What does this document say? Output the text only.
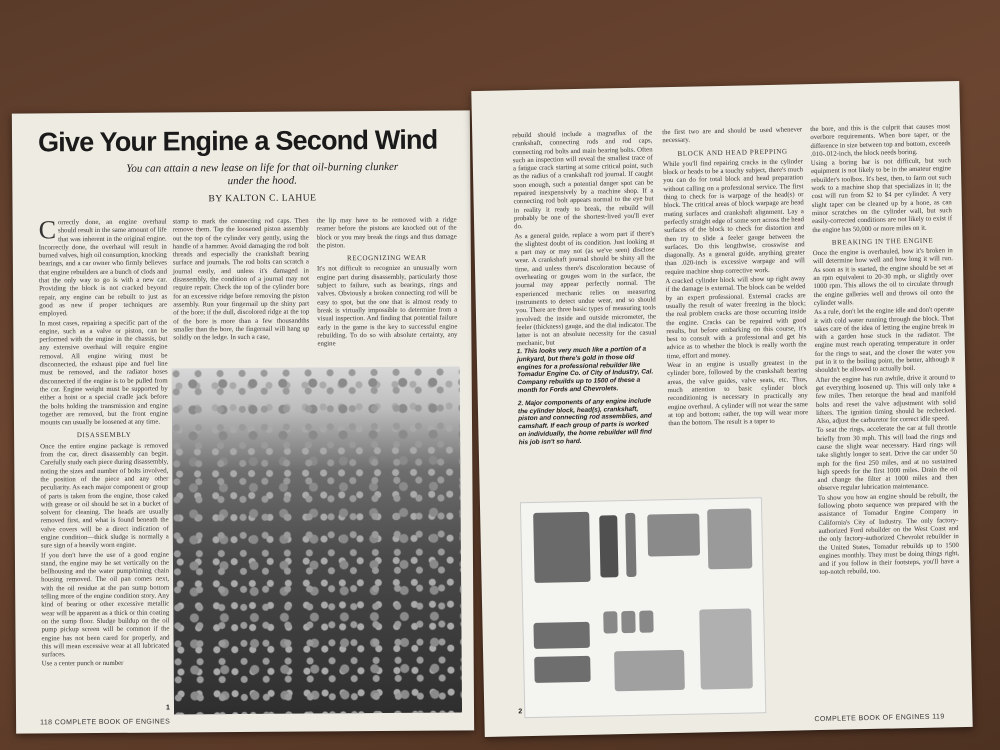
Give Your Engine a Second Wind
You can attain a new lease on life for that oil-burning clunker under the hood.
BY KALTON C. LAHUE

Correctly done, an engine overhaul should result in the same amount of life that was inherent in the original engine. Incorrectly done, the overhaul will result in burned valves, high oil consumption, knocking bearings, and a car owner who firmly believes that engine rebuilders are a bunch of clods and that the only way to go is with a new car. Providing the block is not cracked beyond repair, any engine can be rebuilt to just as good as new if proper techniques are employed.

In most cases, repairing a specific part of the engine, such as a valve or piston, can be performed with the engine in the chassis, but any extensive overhaul will require engine removal. All engine wiring must be disconnected, the exhaust pipe and fuel line must be removed, and the radiator hoses disconnected if the engine is to be pulled from the car. Engine weight must be supported by either a hoist or a special cradle jack before the bolts holding the transmission and engine together are removed, but the front engine mounts can usually be loosened at any time.

DISASSEMBLY

Once the entire engine package is removed from the car, direct disassembly can begin. Carefully study each piece during disassembly, noting the sizes and number of bolts involved, the position of the piece and any other peculiarity. As each major component or group of parts is taken from the engine, those caked with grease or oil should be set in a bucket of solvent for cleaning. The heads are usually removed first, and what is found beneath the valve covers will be a direct indication of engine condition—thick sludge is normally a sure sign of a heavily worn engine.

If you don't have the use of a good engine stand, the engine may be set vertically on the bellhousing and the water pump/timing chain housing removed. The oil pan comes next, with the oil residue at the pan sump bottom telling more of the engine condition story. Any kind of bearing or other excessive metallic wear will be apparent as a thick or thin coating on the sump floor. Sludge buildup on the oil pump pickup screen will be common if the engine has not been cared for properly, and this will mean excessive wear at all lubricated surfaces.

Use a center punch or number

stamp to mark the connecting rod caps. Then remove them. Tap the loosened piston assembly out the top of the cylinder very gently, using the handle of a hammer. Avoid damaging the rod bolt threads and especially the crankshaft bearing surface and journals. The rod bolts can scratch a journal easily, and unless it's damaged in disassembly, the condition of a journal may not require repair. Check the top of the cylinder bore for an excessive ridge before removing the piston assembly. Run your fingernail up the shiny part of the bore; if the dull, discolored ridge at the top of the bore is more than a few thousandths smaller than the bore, the fingernail will hang up solidly on the ledge. In such a case,

the lip may have to be removed with a ridge reamer before the pistons are knocked out of the block or you may break the rings and thus damage the piston.

RECOGNIZING WEAR

It's not difficult to recognize an unusually worn engine part during disassembly, particularly those subject to failure, such as bearings, rings and valves. Obviously a broken connecting rod will be easy to spot, but the one that is almost ready to break is virtually impossible to determine from a visual inspection. And finding that potential failure early in the game is the key to successful engine rebuilding. To do so with absolute certainty, any engine

1
118 COMPLETE BOOK OF ENGINES

rebuild should include a magnaflux of the crankshaft, connecting rods and rod caps, connecting rod bolts and main bearing bolts. Often such an inspection will reveal the smallest trace of a fatigue crack starting at some critical point, such as the radius of a crankshaft rod journal. If caught soon enough, such a potential danger spot can be repaired inexpensively by a machine shop. If a connecting rod bolt appears normal to the eye but in reality it ready to break, the rebuild will probably be one of the shortest-lived you'll ever do.

As a general guide, replace a worn part if there's the slightest doubt of its condition. Just looking at a part may or may not (as we've seen) disclose wear. A crankshaft journal should be shiny all the time, and unless there's discoloration because of overheating or gouges worn in the surface, the journal may appear perfectly normal. The experienced mechanic relies on measuring instruments to detect undue wear, and so should you. There are three basic types of measuring tools involved: the inside and outside micrometer, the feeler (thickness) gauge, and the dial indicator. The latter is not an absolute necessity for the casual mechanic, but

1. This looks very much like a portion of a junkyard, but there's gold in those old engines for a professional rebuilder like Tomadur Engine Co. of City of Industry, Cal. Company rebuilds up to 1500 of these a month for Fords and Chevrolets.

2. Major components of any engine include the cylinder block, head(s), crankshaft, piston and connecting rod assemblies, and camshaft. If each group of parts is worked on individually, the home rebuilder will find his job isn't so hard.

the first two are and should be used whenever necessary.

BLOCK AND HEAD PREPPING

While you'll find repairing cracks in the cylinder block or heads to be a touchy subject, there's much you can do for total block and head preparation without calling on a professional service. The first thing to check for is warpage of the head(s) or block. The critical areas of block warpage are head mating surfaces and crankshaft alignment. Lay a perfectly straight edge of some sort across the head surfaces of the block to check for distortion and then try to slide a feeler gauge between the surfaces. Do this lengthwise, crosswise and diagonally. As a general guide, anything greater than .020-inch is excessive warpage and will require machine shop corrective work.

A cracked cylinder block will show up right away if the damage is external. The block can be welded by an expert professional. External cracks are usually the result of water freezing in the block; the real problem cracks are those occurring inside the engine. Cracks can be repaired with good results, but before embarking on this course, it's best to consult with a professional and get his advice as to whether the block is really worth the time, effort and money.

Wear in an engine is usually greatest in the cylinder bore, followed by the crankshaft bearing areas, the valve guides, valve seats, etc. Thus, much attention to basic cylinder block reconditioning is necessary in practically any engine overhaul. A cylinder will not wear the same at top and bottom; rather, the top will wear more than the bottom. The result is a taper to

the bore, and this is the culprit that causes most overbore requirements. When bore taper, or the difference in size between top and bottom, exceeds .010-.012-inch, the block needs boring.

Using a boring bar is not difficult, but such equipment is not likely to be in the amateur engine rebuilder's toolbox. It's best, then, to farm out such work to a machine shop that specializes in it; the cost will run from $2 to $4 per cylinder. A very slight taper can be cleaned up by a hone, as can minor scratches on the cylinder wall, but such easily-corrected conditions are not likely to exist if the engine has 50,000 or more miles on it.

BREAKING IN THE ENGINE

Once the engine is overhauled, how it's broken in will determine how well and how long it will run. As soon as it is started, the engine should be set at an rpm equivalent to 20-30 mph, or slightly over 1000 rpm. This allows the oil to circulate through the engine galleries well and throws oil onto the cylinder walls.

As a rule, don't let the engine idle and don't operate it with cold water running through the block. That takes care of the idea of letting the engine break in with a garden hose stuck in the radiator. The engine must reach operating temperature in order for the rings to seat, and the closer the water you put in it to the boiling point, the better, although it shouldn't be allowed to actually boil.

After the engine has run awhile, drive it around to get everything loosened up. This will only take a few miles. Then retorque the head and manifold bolts and reset the valve adjustment with solid lifters. The ignition timing should be rechecked. Also, adjust the carburetor for correct idle speed.

To seat the rings, accelerate the car at full throttle briefly from 30 mph. This will load the rings and cause the slight wear necessary. Hard rings will take slightly longer to seat. Drive the car under 50 mph for the first 250 miles, and at no sustained high speeds for the first 1000 miles. Drain the oil and change the filter at 1000 miles and then observe regular lubrication maintenance.

To show you how an engine should be rebuilt, the following photo sequence was prepared with the assistance of Tomadur Engine Company in California's City of Industry. The only factory-authorized Ford rebuilder on the West Coast and the only factory-authorized Chevrolet rebuilder in the United States, Tomadur rebuilds up to 1500 engines monthly. They must be doing things right, and if you follow in their footsteps, you'll have a top-notch rebuild, too.

2
COMPLETE BOOK OF ENGINES 119
